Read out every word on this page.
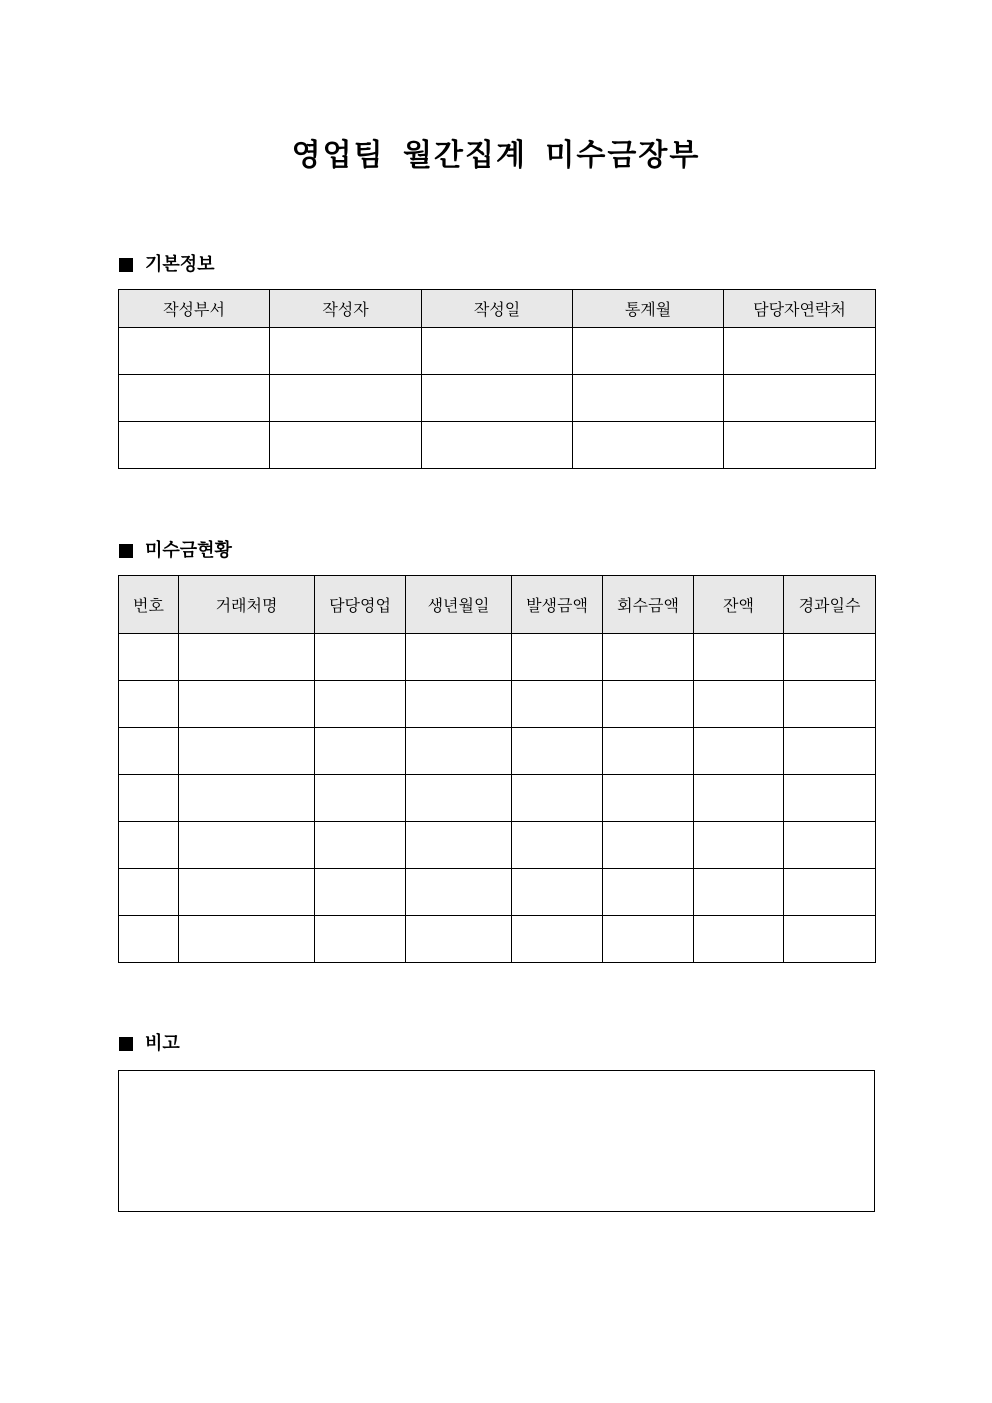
영업팀 월간집계 미수금장부
기본정보
작성부서	작성자	작성일	통계월	담당자연락처

미수금현황
번호	거래처명	담당영업	생년월일	발생금액	회수금액	잔액	경과일수

비고
